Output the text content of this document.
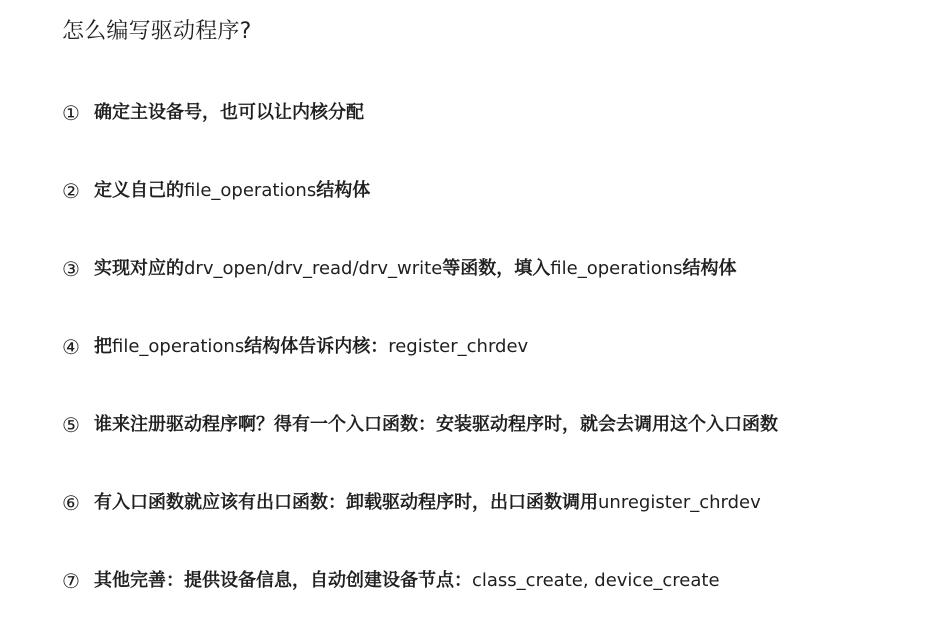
怎么编写驱动程序?
① 确定主设备号，也可以让内核分配
② 定义自己的 file_operations 结构体
③ 实现对应的 drv_open/drv_read/drv_write 等函数，填入 file_operations 结构体
④ 把 file_operations 结构体告诉内核： register_chrdev
⑤ 谁来注册驱动程序啊？得有一个入口函数：安装驱动程序时，就会去调用这个入口函数
⑥ 有入口函数就应该有出口函数：卸载驱动程序时，出口函数调用 unregister_chrdev
⑦ 其他完善：提供设备信息，自动创建设备节点： class_create, device_create
